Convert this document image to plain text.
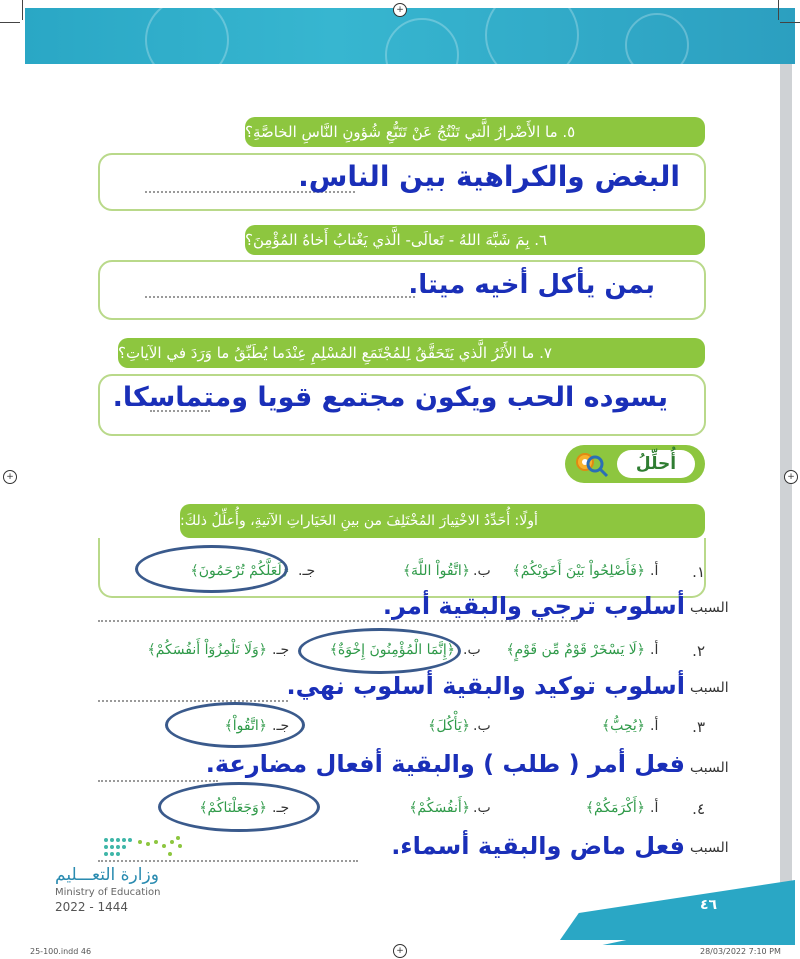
+
+	+
+
٥. ما الأَضْرارُ الَّتي تَنْتُجُ عَنْ تَتَبُّعِ شُؤونِ النَّاسِ الخاصَّةِ؟
البغض والكراهية بين الناس.
٦. بِمَ شَبَّهَ اللهُ - تَعالَى- الَّذي يَغْتابُ أَخاهُ المُؤْمِنَ؟
بمن يأكل أخيه ميتا.
٧. ما الأَثَرُ الَّذي يَتَحَقَّقُ لِلمُجْتَمَعِ المُسْلِمِ عِنْدَما يُطَبِّقُ ما وَرَدَ في الآياتِ؟
يسوده الحب ويكون مجتمع قويا ومتماسكا.
أُحلِّلُ
أولًا: أُحَدِّدُ الاخْتِيارَ المُخْتَلِفَ من بينِ الخَيَاراتِ الآتيةِ، وأُعلِّلُ ذلكَ:
١.
أ.
﴿فَأَصْلِحُواْ بَيْنَ أَخَوَيْكُمْ﴾
ب.
﴿اتَّقُواْ اللَّهَ﴾
جـ.
﴿لَعَلَّكُمْ تُرْحَمُونَ﴾
السبب
أسلوب ترجي والبقية أمر.
٢.
أ.
﴿لَا يَسْخَرْ قَوْمٌ مِّن قَوْمٍ﴾
ب.
﴿إِنَّمَا الْمُؤْمِنُونَ إِخْوَةٌ﴾
جـ.
﴿وَلَا تَلْمِزُوٓاْ أَنفُسَكُمْ﴾
السبب
أسلوب توكيد والبقية أسلوب نهي.
٣.
أ.
﴿يُحِبُّ﴾
ب.
﴿يَأْكُلَ﴾
جـ.
﴿اتَّقُواْ﴾
السبب
فعل أمر ( طلب ) والبقية أفعال مضارعة.
٤.
أ.
﴿أَكْرَمَكُمْ﴾
ب.
﴿أَنفُسَكُمْ﴾
جـ.
﴿وَجَعَلْنَاكُمْ﴾
السبب
فعل ماض والبقية أسماء.
وزارة التعـــليم
Ministry of Education
2022 - 1444	٤٦
25-100.indd 46	28/03/2022 7:10 PM
